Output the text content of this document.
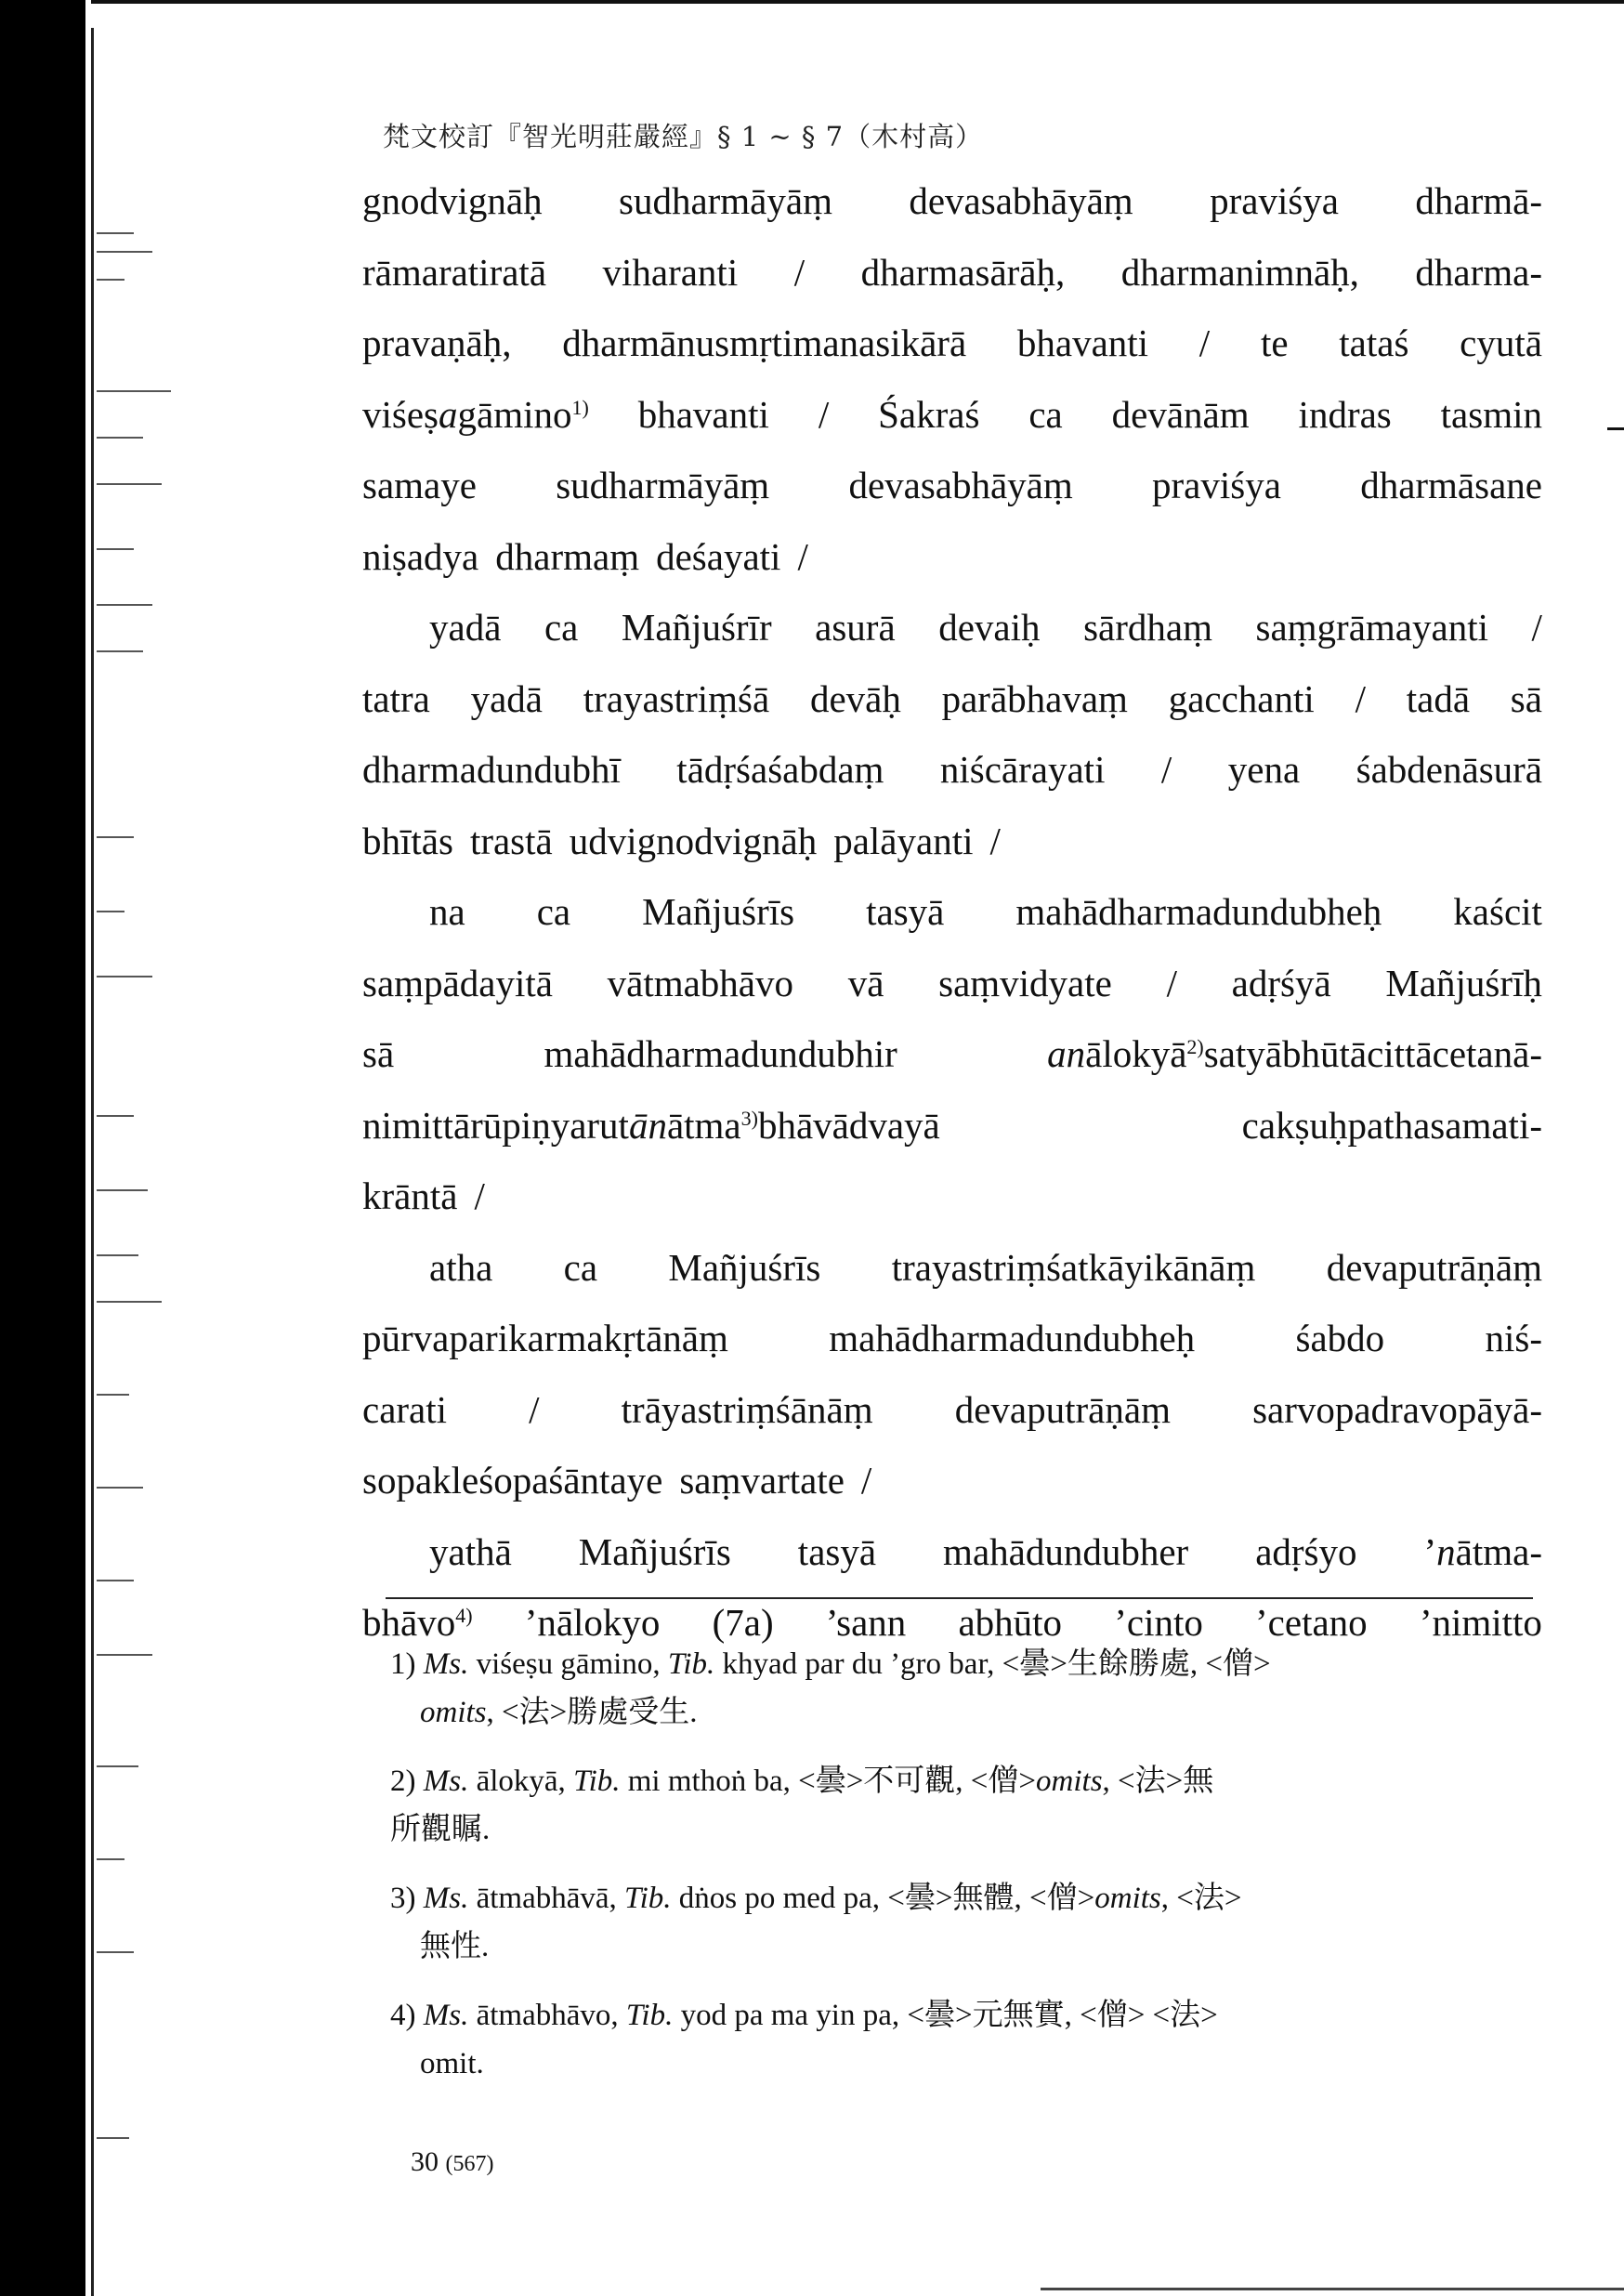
梵文校訂『智光明莊嚴經』§ 1 ~ § 7（木村高）
gnodvignāḥ sudharmāyāṃ devasabhāyāṃ praviśya dharmā-
rāmaratiratā viharanti / dharmasārāḥ, dharmanimnāḥ, dharma-
pravaṇāḥ, dharmānusmṛtimanasikārā bhavanti / te tataś cyutā
viśeṣagāmino$^{1)}$ bhavanti / Śakraś ca devānām indras tasmin
samaye sudharmāyāṃ devasabhāyāṃ praviśya dharmāsane
niṣadya dharmaṃ deśayati /
yadā ca Mañjuśrīr asurā devaiḥ sārdhaṃ saṃgrāmayanti /
tatra yadā trayastriṃśā devāḥ parābhavaṃ gacchanti / tadā sā
dharmadundubhī tādṛśaśabdaṃ niścārayati / yena śabdenāsurā
bhītās trastā udvignodvignāḥ palāyanti /
na ca Mañjuśrīs tasyā mahādharmadundubheḥ kaścit
saṃpādayitā vātmabhāvo vā saṃvidyate / adṛśyā Mañjuśrīḥ
sā	mahādharmadundubhir	anālokyā$^{2)}$satyābhūtācittācetanā-
nimittārūpiṇyarutānātma$^{3)}$bhāvādvayā	cakṣuḥpathasamati-
krāntā /
atha ca Mañjuśrīs trayastriṃśatkāyikānāṃ devaputrāṇāṃ
pūrvaparikarmakṛtānāṃ	mahādharmadundubheḥ	śabdo	niś-
carati / trāyastriṃśānāṃ devaputrāṇāṃ sarvopadravopāyā-
sopakleśopaśāntaye saṃvartate /
yathā Mañjuśrīs tasyā mahādundubher adṛśyo ’nātma-
bhāvo$^{4)}$ ’nālokyo (7a) ’sann abhūto ’cinto ’cetano ’nimitto
1) Ms. viśeṣu gāmino, Tib. khyad par du ’gro bar, <曇>生餘勝處, <僧>
omits, <法>勝處受生.
2) Ms. ālokyā, Tib. mi mthoṅ ba, <曇>不可觀, <僧>omits, <法>無
所觀瞩.
3) Ms. ātmabhāvā, Tib. dṅos po med pa, <曇>無體, <僧>omits, <法>
無性.
4) Ms. ātmabhāvo, Tib. yod pa ma yin pa, <曇>元無實, <僧> <法>
omit.
30 (567)
